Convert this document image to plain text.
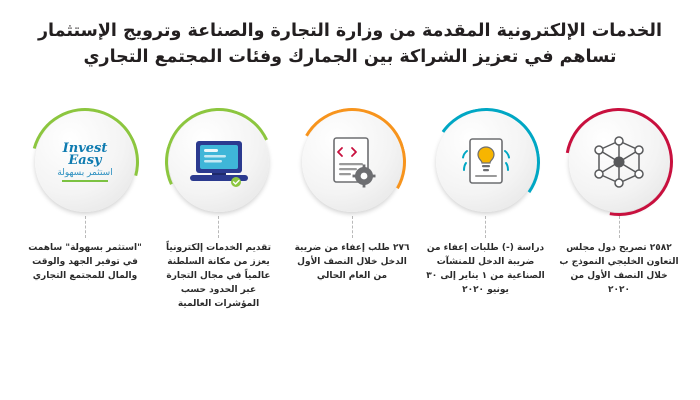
الخدمات الإلكترونية المقدمة من وزارة التجارة والصناعة وترويج الإستثمار
تساهم في تعزيز الشراكة بين الجمارك وفئات المجتمع التجاري
Invest
Easy
استثمر بسهولة
"استثمر بسهولة" ساهمت في توفير الجهد والوقت والمال للمجتمع التجاري
تقديم الخدمات إلكترونياً يعزز من مكانة السلطنة عالمياً في مجال التجارة عبر الحدود حسب المؤشرات العالمية
٢٧٦ طلب إعفاء من ضريبة الدخل خلال النصف الأول من العام الحالي
دراسة (-) طلبات إعفاء من ضريبة الدخل للمنشآت الصناعية من ١ يناير إلى ٣٠ يونيو ٢٠٢٠
٢٥٨٢ تصريح دول مجلس التعاون الخليجي النموذج ب خلال النصف الأول من ٢٠٢٠
